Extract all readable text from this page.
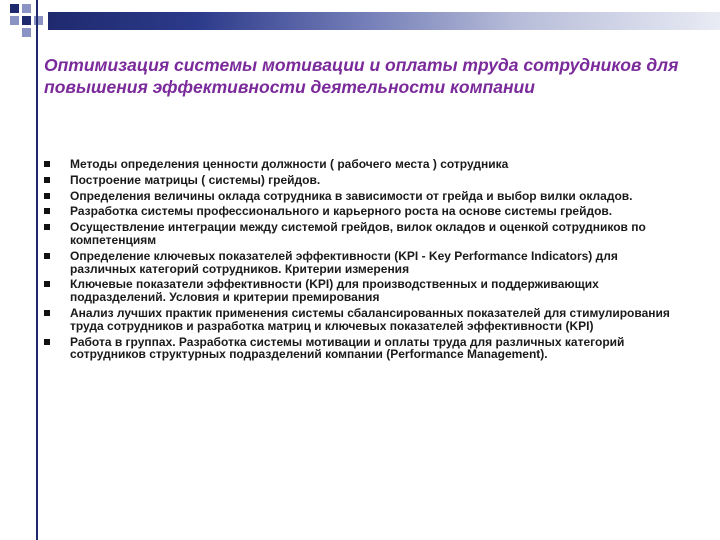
Оптимизация системы мотивации и оплаты труда сотрудников для повышения эффективности деятельности компании
Методы определения ценности должности ( рабочего места ) сотрудника
Построение матрицы ( системы) грейдов.
Определения величины оклада сотрудника в зависимости от грейда и выбор вилки окладов.
Разработка системы профессионального и карьерного роста на основе системы грейдов.
Осуществление интеграции между системой грейдов, вилок окладов и оценкой сотрудников по компетенциям
Определение ключевых показателей эффективности (KPI - Key Performance Indicators) для различных категорий сотрудников. Критерии измерения
Ключевые показатели эффективности (KPI) для производственных и поддерживающих подразделений. Условия и критерии премирования
Анализ лучших практик применения системы сбалансированных показателей для стимулирования труда сотрудников и разработка матриц и ключевых показателей эффективности (KPI)
Работа в группах. Разработка системы мотивации и оплаты труда для различных категорий сотрудников структурных подразделений компании (Performance Management).
